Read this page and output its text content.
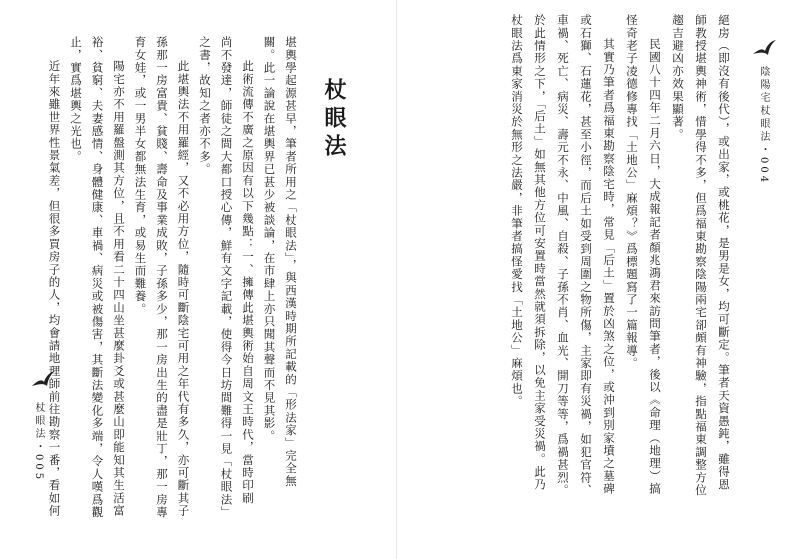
杖眼法
堪輿學起源甚早，筆者所用之「杖眼法」，與西漢時期所記載的「形法家」完全無
關。此一論說在堪輿界已甚少被談論，在市肆上亦只聞其聲而不見其影。
此術流傳不廣之原因有以下幾點：一、擁傳此堪輿術始自周文王時代，當時印刷
尚不發達，師徒之間大都口授心傳，鮮有文字記載，使得今日坊間難得一見「杖眼法」
之書，故知之者亦不多。
此堪輿法不用羅經，又不必用方位，隨時可斷陰宅可用之年代有多久，亦可斷其子
孫那一房富貴、貧賤、壽命及事業成敗，子孫多少，那一房出生的盡是壯丁，那一房專
育女娃，或一男半女都無法生育，或易生而難養。
陽宅亦不用羅盤測其方位，且不用看二十四山坐甚麼卦爻或甚麼山即能知其生活富
裕、貧窮、夫妻感情、身體健康、車禍、病災或被傷害，其斷法變化多端，令人嘆爲觀
止，實爲堪輿之光也。
近年來雖世界性景氣差，但很多買房子的人，均會請地理師前往勘察一番，看如何
杖眼法・005	絕房（即沒有後代），或出家，或桃花，是男是女，均可斷定。筆者天資愚鈍，雖得恩
師教授堪輿神術，惜學得不多，但爲福東勘察陰陽兩宅卻頗有神驗，指點福東調整方位
趨吉避凶亦效果顯著。
民國八十四年二月六日，大成報記者顏兆鴻君來訪問筆者，後以《命理（地理）搞
怪奇老子凌德修專找「土地公」麻煩？》爲標題寫了一篇報導。
其實乃筆者爲福東勘察陰宅時，常見「后土」置於凶煞之位，或沖到別家墳之墓碑
或石獅、石蓮花，甚至小徑，而后土如受到周圍之物所傷，主家即有災禍，如犯官符、
車禍、死亡、病災、壽元不永、中風、自殺、子孫不肖、血光、開刀等等，爲禍甚烈。
於此情形之下，「后土」如無其他方位可安置時當然就須拆除，以免主家受災禍。此乃
杖眼法爲東家消災於無形之法嚴，非筆者搞怪愛找「土地公」麻煩也。	陰陽宅杖眼法・004
